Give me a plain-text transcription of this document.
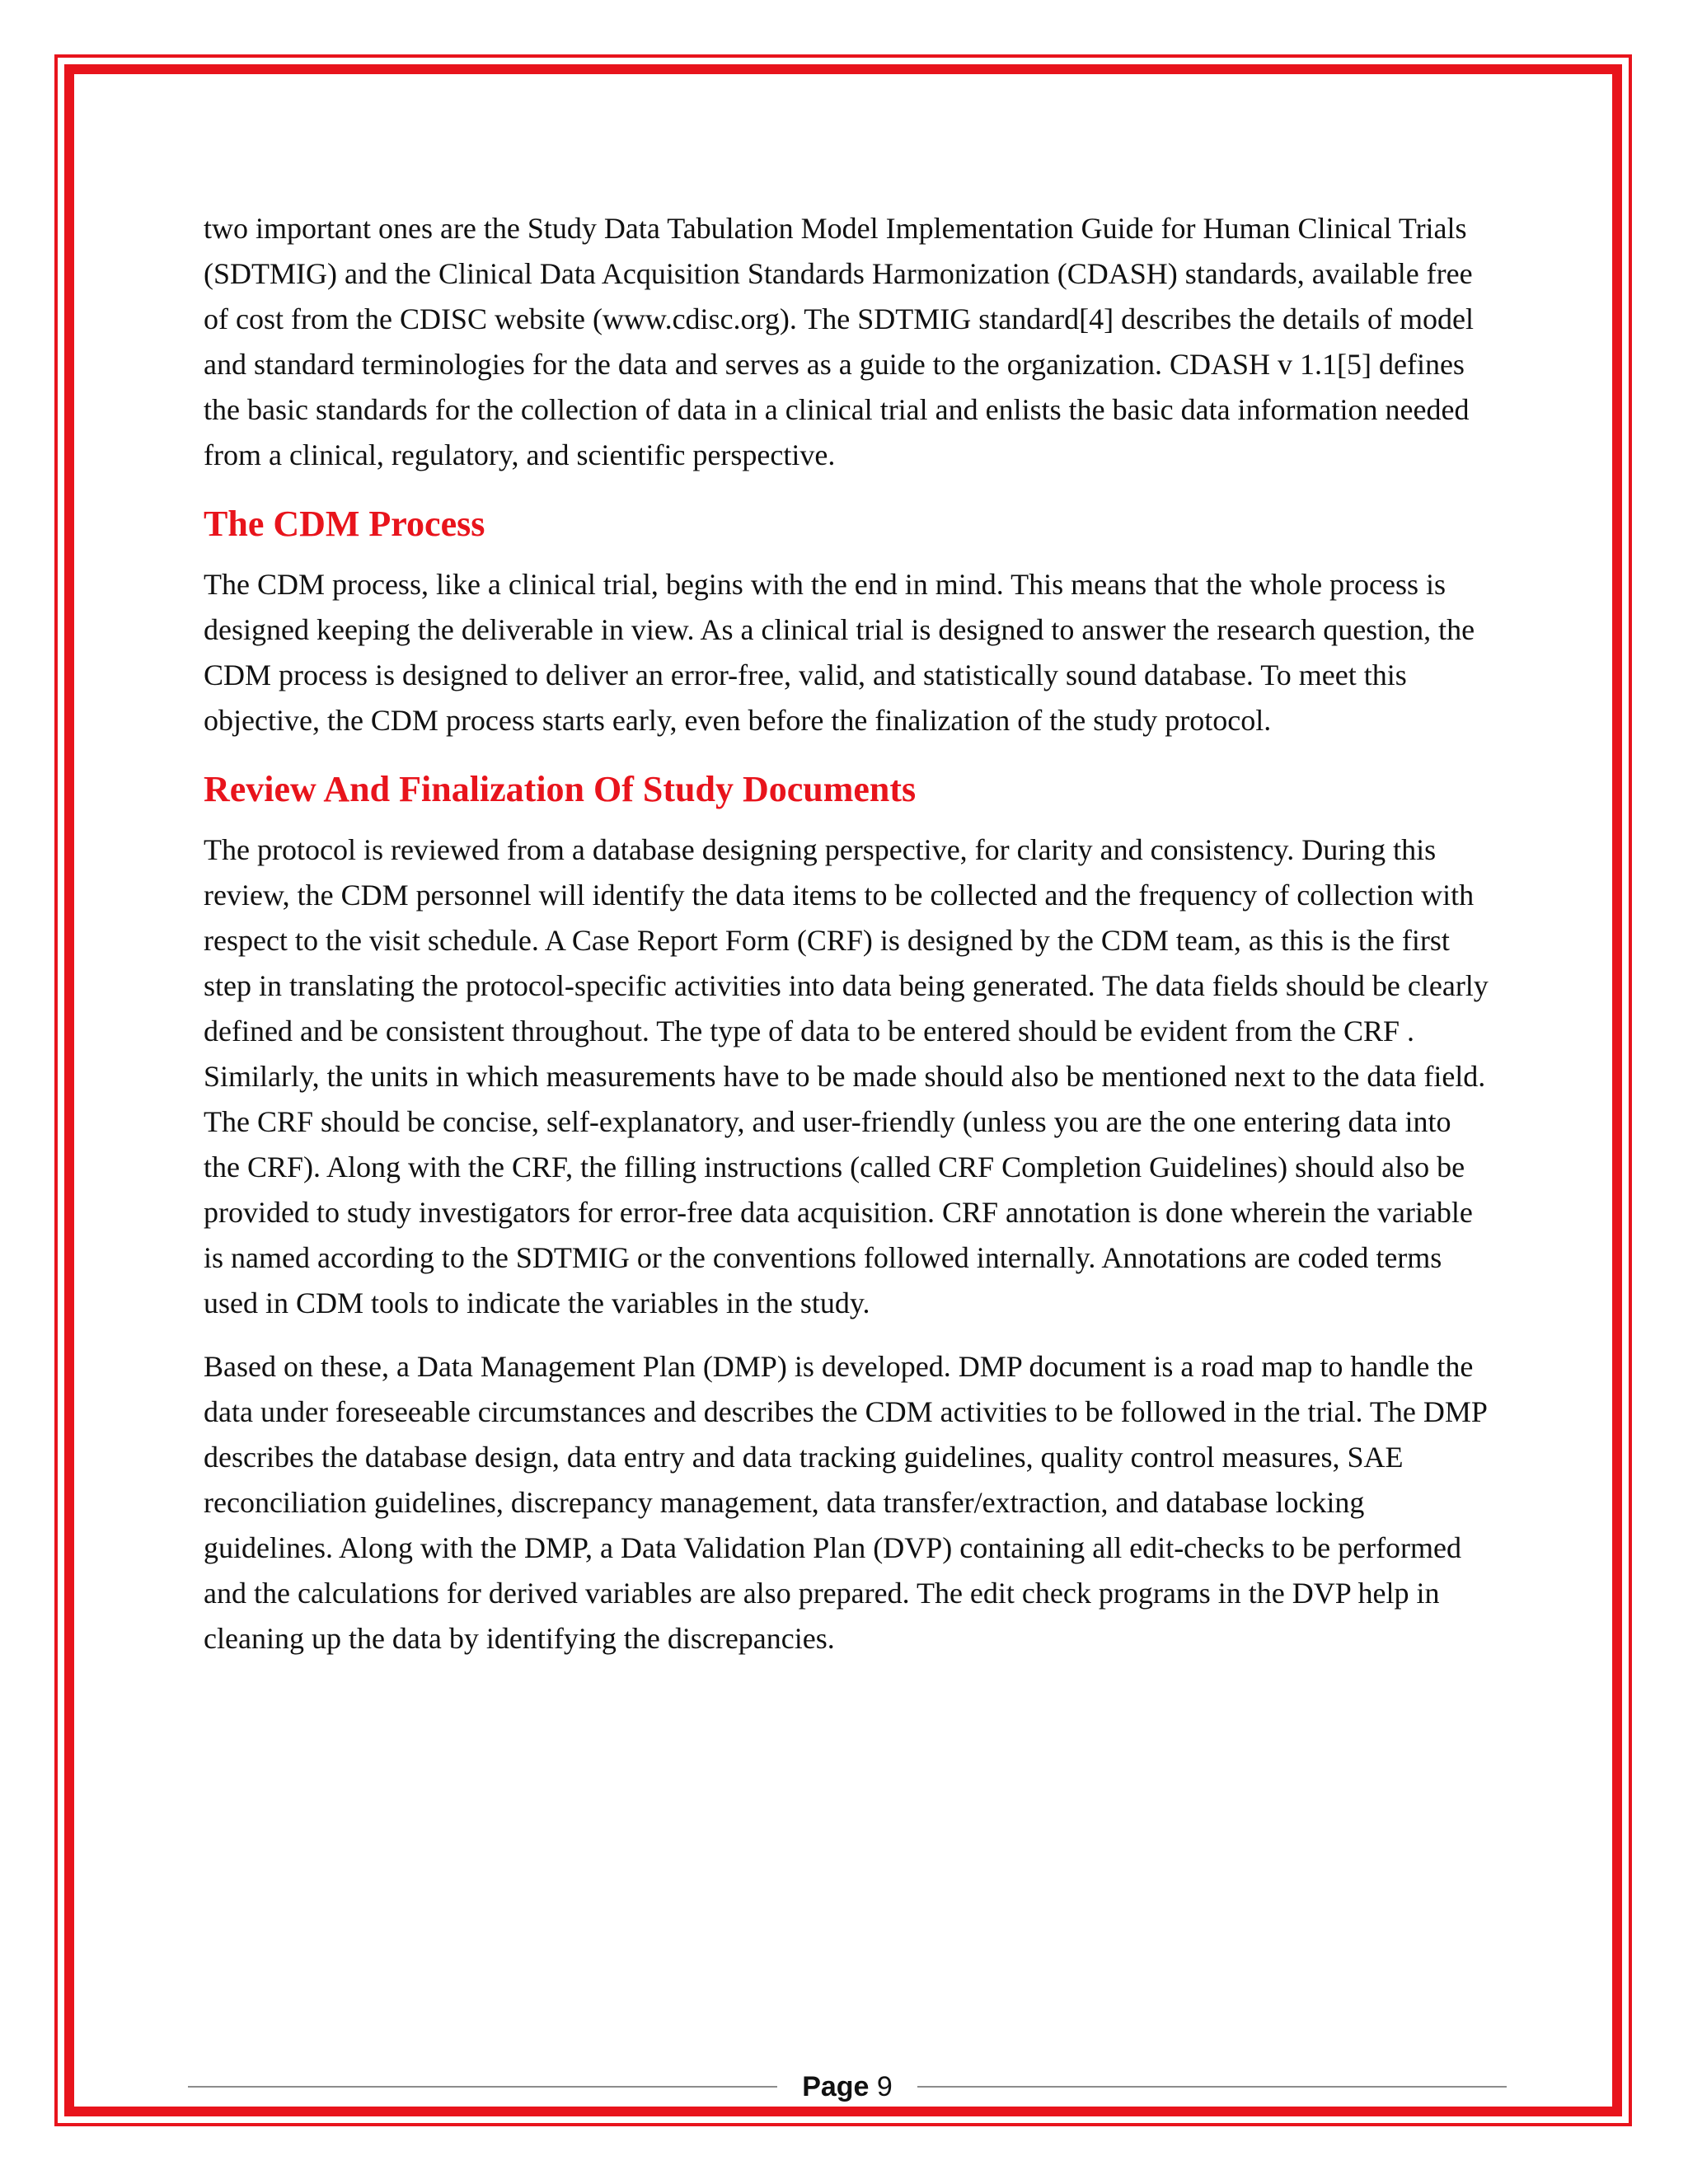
two important ones are the Study Data Tabulation Model Implementation Guide for Human Clinical Trials (SDTMIG) and the Clinical Data Acquisition Standards Harmonization (CDASH) standards, available free of cost from the CDISC website (www.cdisc.org). The SDTMIG standard[4] describes the details of model and standard terminologies for the data and serves as a guide to the organization. CDASH v 1.1[5] defines the basic standards for the collection of data in a clinical trial and enlists the basic data information needed from a clinical, regulatory, and scientific perspective.

The CDM Process

The CDM process, like a clinical trial, begins with the end in mind. This means that the whole process is designed keeping the deliverable in view. As a clinical trial is designed to answer the research question, the CDM process is designed to deliver an error-free, valid, and statistically sound database. To meet this objective, the CDM process starts early, even before the finalization of the study protocol.

Review And Finalization Of Study Documents

The protocol is reviewed from a database designing perspective, for clarity and consistency. During this review, the CDM personnel will identify the data items to be collected and the frequency of collection with respect to the visit schedule. A Case Report Form (CRF) is designed by the CDM team, as this is the first step in translating the protocol-specific activities into data being generated. The data fields should be clearly defined and be consistent throughout. The type of data to be entered should be evident from the CRF . Similarly, the units in which measurements have to be made should also be mentioned next to the data field. The CRF should be concise, self-explanatory, and user-friendly (unless you are the one entering data into the CRF). Along with the CRF, the filling instructions (called CRF Completion Guidelines) should also be provided to study investigators for error-free data acquisition. CRF annotation is done wherein the variable is named according to the SDTMIG or the conventions followed internally. Annotations are coded terms used in CDM tools to indicate the variables in the study.

Based on these, a Data Management Plan (DMP) is developed. DMP document is a road map to handle the data under foreseeable circumstances and describes the CDM activities to be followed in the trial. The DMP describes the database design, data entry and data tracking guidelines, quality control measures, SAE reconciliation guidelines, discrepancy management, data transfer/extraction, and database locking guidelines. Along with the DMP, a Data Validation Plan (DVP) containing all edit-checks to be performed and the calculations for derived variables are also prepared. The edit check programs in the DVP help in cleaning up the data by identifying the discrepancies.

Page 9
